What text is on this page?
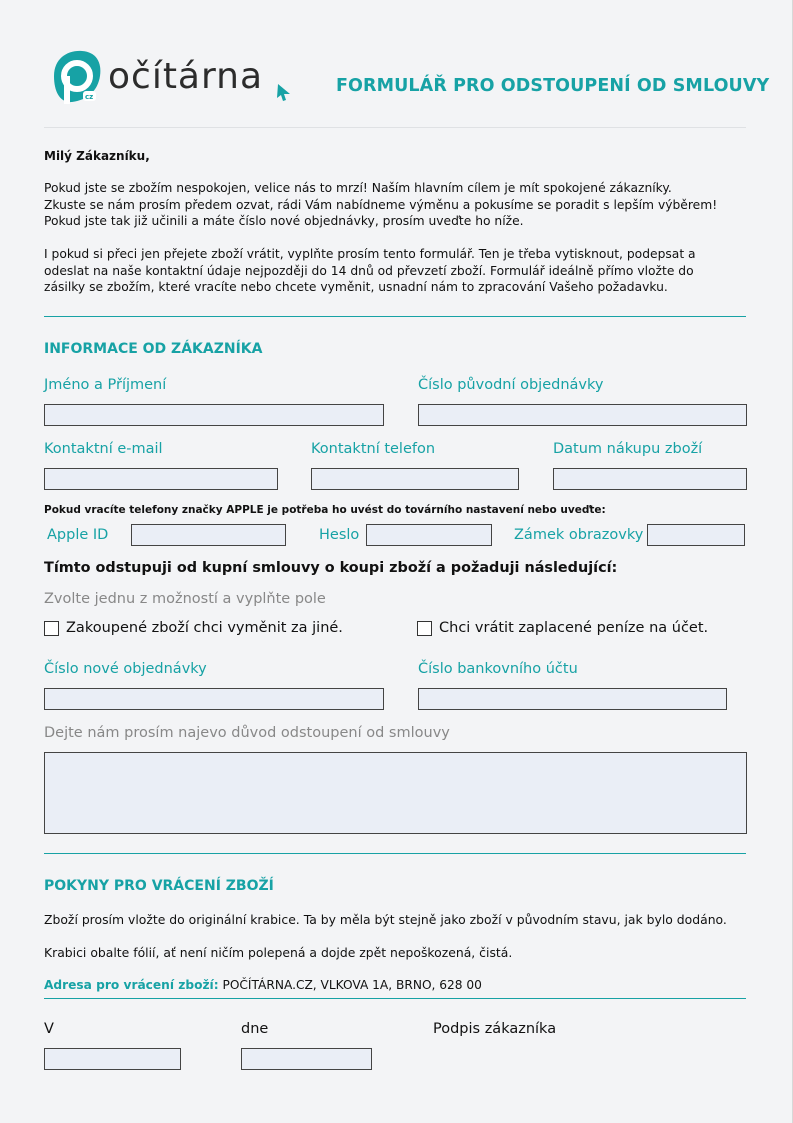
cz očítárna	FORMULÁŘ PRO ODSTOUPENÍ OD SMLOUVY
Milý Zákazníku,
Pokud jste se zbožím nespokojen, velice nás to mrzí! Naším hlavním cílem je mít spokojené zákazníky.
Zkuste se nám prosím předem ozvat, rádi Vám nabídneme výměnu a pokusíme se poradit s lepším výběrem!
Pokud jste tak již učinili a máte číslo nové objednávky, prosím uveďte ho níže.
I pokud si přeci jen přejete zboží vrátit, vyplňte prosím tento formulář. Ten je třeba vytisknout, podepsat a
odeslat na naše kontaktní údaje nejpozději do 14 dnů od převzetí zboží. Formulář ideálně přímo vložte do
zásilky se zbožím, které vracíte nebo chcete vyměnit, usnadní nám to zpracování Vašeho požadavku.
INFORMACE OD ZÁKAZNÍKA
Jméno a Příjmení	Číslo původní objednávky
Kontaktní e-mail	Kontaktní telefon	Datum nákupu zboží
Pokud vracíte telefony značky APPLE je potřeba ho uvést do továrního nastavení nebo uveďte:
Apple ID	Heslo	Zámek obrazovky
Tímto odstupuji od kupní smlouvy o koupi zboží a požaduji následující:
Zvolte jednu z možností a vyplňte pole
Zakoupené zboží chci vyměnit za jiné.	Chci vrátit zaplacené peníze na účet.
Číslo nové objednávky	Číslo bankovního účtu
Dejte nám prosím najevo důvod odstoupení od smlouvy
POKYNY PRO VRÁCENÍ ZBOŽÍ
Zboží prosím vložte do originální krabice. Ta by měla být stejně jako zboží v původním stavu, jak bylo dodáno.
Krabici obalte fólií, ať není ničím polepená a dojde zpět nepoškozená, čistá.
Adresa pro vrácení zboží: POČÍTÁRNA.CZ, VLKOVA 1A, BRNO, 628 00
V	dne	Podpis zákazníka
